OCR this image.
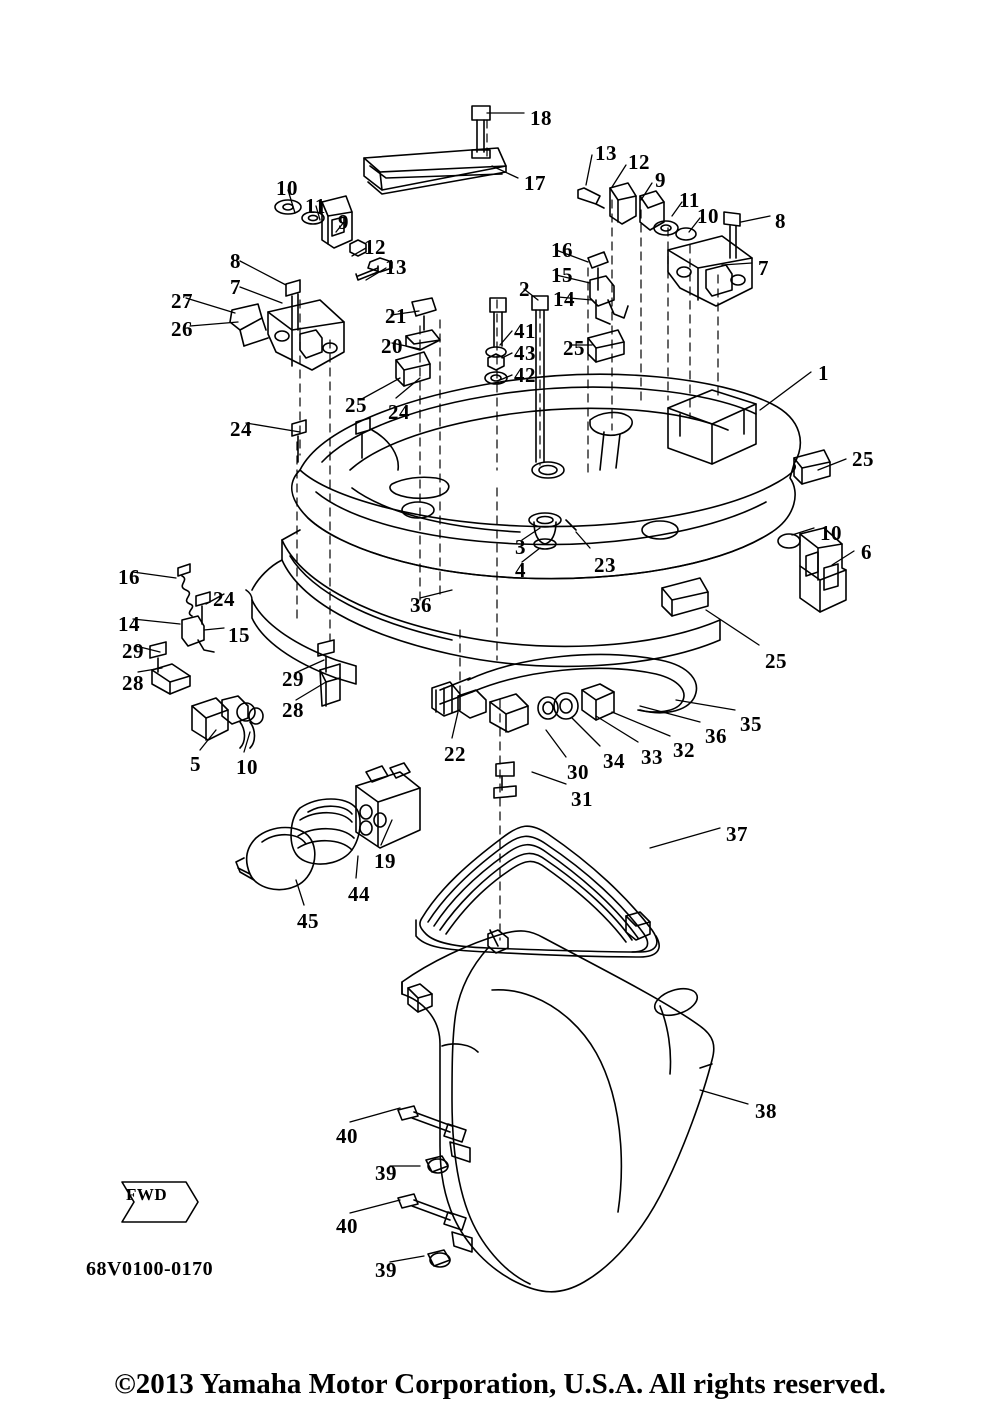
FWD
68V0100-0170
©2013 Yamaha Motor Corporation, U.S.A. All rights reserved.
18
13 12
17	9
10
11	11
10	8
9
12	16
8	13	15	7
7	14
2
27
21
26	41
20	25
43
42	1
25 24
24
25
10
6
16
24
3
23
4
36
14	15
29	25
28	29
28
35
36
33 32
34
22
30
31
5 10
37
19
44
45
38
40
39
40
39
